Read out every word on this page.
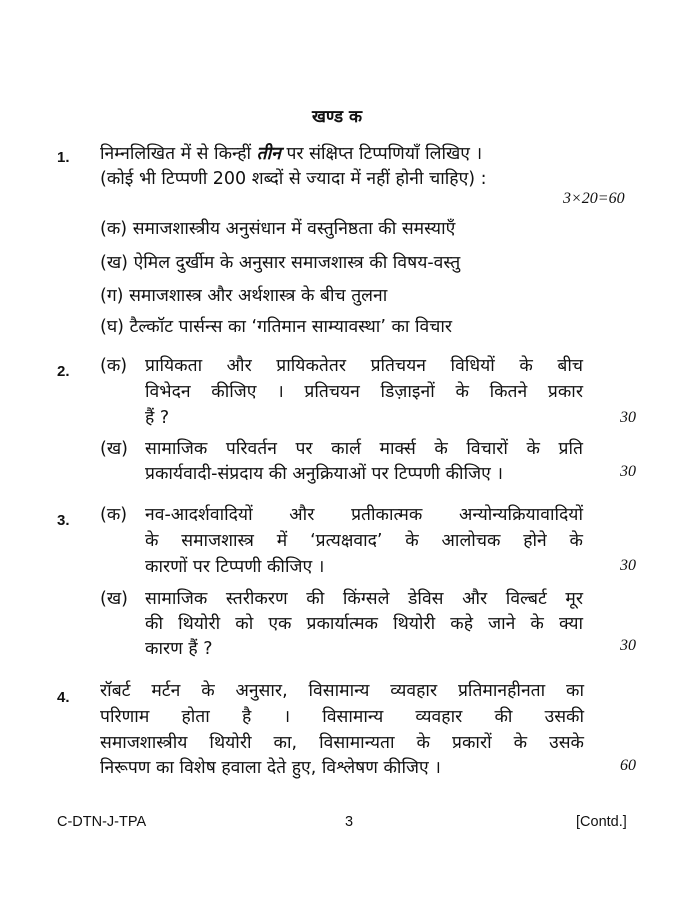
खण्ड क
1. निम्नलिखित में से किन्हीं तीन पर संक्षिप्त टिप्पणियाँ लिखिए ।
(कोई भी टिप्पणी 200 शब्दों से ज्यादा में नहीं होनी चाहिए) :
3×20=60
(क) समाजशास्त्रीय अनुसंधान में वस्तुनिष्ठता की समस्याएँ
(ख) ऐमिल दुर्खीम के अनुसार समाजशास्त्र की विषय-वस्तु
(ग) समाजशास्त्र और अर्थशास्त्र के बीच तुलना
(घ) टैल्कॉट पार्सन्स का ‘गतिमान साम्यावस्था’ का विचार
2. (क) प्रायिकता और प्रायिकतेतर प्रतिचयन विधियों के बीच
विभेदन कीजिए । प्रतिचयन डिज़ाइनों के कितने प्रकार
हैं ?	30
(ख) सामाजिक परिवर्तन पर कार्ल मार्क्स के विचारों के प्रति
प्रकार्यवादी-संप्रदाय की अनुक्रियाओं पर टिप्पणी कीजिए ।	30
3. (क) नव-आदर्शवादियों और प्रतीकात्मक अन्योन्यक्रियावादियों
के समाजशास्त्र में ‘प्रत्यक्षवाद’ के आलोचक होने के
कारणों पर टिप्पणी कीजिए ।	30
(ख) सामाजिक स्तरीकरण की किंग्सले डेविस और विल्बर्ट मूर
की थियोरी को एक प्रकार्यात्मक थियोरी कहे जाने के क्या
कारण हैं ?	30
4. रॉबर्ट मर्टन के अनुसार, विसामान्य व्यवहार प्रतिमानहीनता का
परिणाम होता है । विसामान्य व्यवहार की उसकी
समाजशास्त्रीय थियोरी का, विसामान्यता के प्रकारों के उसके
निरूपण का विशेष हवाला देते हुए, विश्लेषण कीजिए ।	60
C-DTN-J-TPA	3	[Contd.]
